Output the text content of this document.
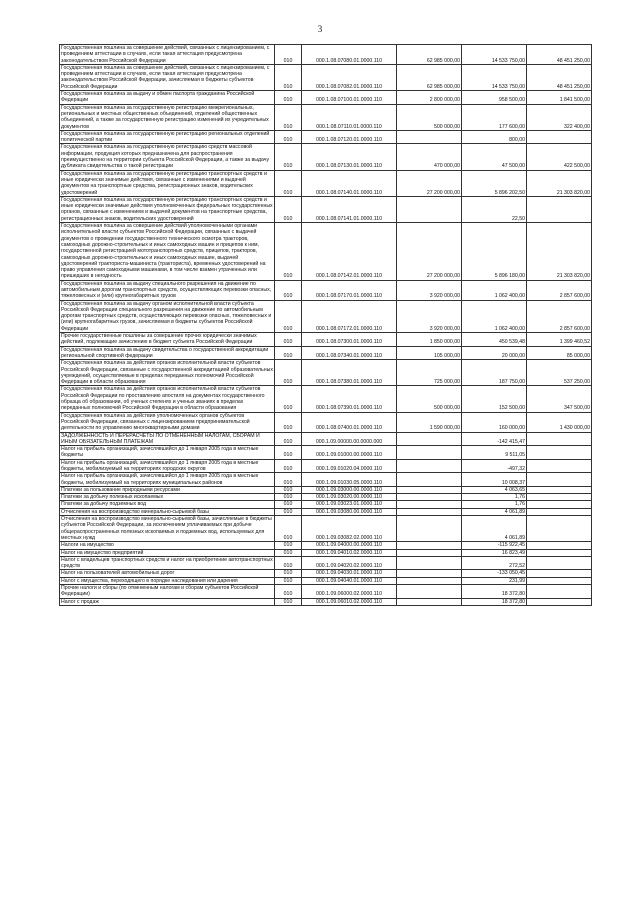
3
Государственная пошлина за совершение действий, связанных с лицензированием, с проведением аттестации в случаях, если такая аттестация предусмотрена законодательством Российской Федерации	010	000.1.08.07080.01.0000.110	62 985 000,00	14 533 750,00	48 451 250,00
Государственная пошлина за совершение действий, связанных с лицензированием, с проведением аттестации в случаях, если такая аттестация предусмотрена законодательством Российской Федерации, зачисляемая в бюджеты субъектов Российской Федерации	010	000.1.08.07082.01.0000.110	62 985 000,00	14 533 750,00	48 451 250,00
Государственная пошлина за выдачу и обмен паспорта гражданина Российской Федерации	010	000.1.08.07100.01.0000.110	2 800 000,00	958 500,00	1 841 500,00
Государственная пошлина за государственную регистрацию межрегиональных, региональных и местных общественных объединений, отделений общественных объединений, а также за государственную регистрацию изменений их учредительных документов	010	000.1.08.07110.01.0000.110	500 000,00	177 600,00	322 400,00
Государственная пошлина за государственную регистрацию региональных отделений политической партии	010	000.1.08.07120.01.0000.110		800,00	
Государственная пошлина за государственную регистрацию средств массовой информации, продукция которых предназначена для распространения преимущественно на территории субъекта Российской Федерации, а также за выдачу дубликата свидетельства о такой регистрации	010	000.1.08.07130.01.0000.110	470 000,00	47 500,00	422 500,00
Государственная пошлина за государственную регистрацию транспортных средств и иные юридически значимые действия, связанные с изменениями и выдачей документов на транспортные средства, регистрационных знаков, водительских удостоверений	010	000.1.08.07140.01.0000.110	27 200 000,00	5 896 202,50	21 303 820,00
Государственная пошлина за государственную регистрацию транспортных средств и иные юридически значимые действия уполномоченных федеральных государственных органов, связанные с изменением и выдачей документов на транспортные средства, регистрационных знаков, водительских удостоверений	010	000.1.08.07141.01.0000.110		22,50	
Государственная пошлина за совершение действий уполномоченными органами исполнительной власти субъектов Российской Федерации, связанных с выдачей документов о проведении государственного технического осмотра тракторов, самоходных дорожно-строительных и иных самоходных машин и прицепов к ним, государственной регистрацией мототранспортных средств, прицепов, тракторов, самоходных дорожно-строительных и иных самоходных машин, выдачей удостоверений тракториста-машиниста (тракториста), временных удостоверений на право управления самоходными машинами, в том числе взамен утраченных или пришедших в негодность	010	000.1.08.07142.01.0000.110	27 200 000,00	5 896 180,00	21 303 820,00
Государственная пошлина за выдачу специального разрешения на движение по автомобильным дорогам транспортных средств, осуществляющих перевозки опасных, тяжеловесных и (или) крупногабаритных грузов	010	000.1.08.07170.01.0000.110	3 920 000,00	1 062 400,00	2 857 600,00
Государственная пошлина за выдачу органом исполнительной власти субъекта Российской Федерации специального разрешения на движение по автомобильным дорогам транспортных средств, осуществляющих перевозки опасных, тяжеловесных и (или) крупногабаритных грузов, зачисляемая в бюджеты субъектов Российской Федерации	010	000.1.08.07172.01.0000.110	3 920 000,00	1 062 400,00	2 857 600,00
Прочие государственные пошлины за совершение прочих юридически значимых действий, подлежащие зачислению в бюджет субъекта Российской Федерации	010	000.1.08.07300.01.0000.110	1 850 000,00	450 539,48	1 399 460,52
Государственная пошлина за выдачу свидетельства о государственной аккредитации региональной спортивной федерации	010	000.1.08.07340.01.0000.110	105 000,00	20 000,00	85 000,00
Государственная пошлина за действия органов исполнительной власти субъектов Российской Федерации, связанные с государственной аккредитацией образовательных учреждений, осуществляемые в пределах переданных полномочий Российской Федерации в области образования	010	000.1.08.07380.01.0000.110	725 000,00	187 750,00	537 250,00
Государственная пошлина за действия органов исполнительной власти субъектов Российской Федерации по проставлению апостиля на документах государственного образца об образовании, об ученых степенях и ученых званиях в пределах переданных полномочий Российской Федерации в области образования	010	000.1.08.07390.01.0000.110	500 000,00	152 500,00	347 500,00
Государственная пошлина за действия уполномоченных органов субъектов Российской Федерации, связанных с лицензированием предпринимательской деятельности по управлению многоквартирными домами	010	000.1.08.07400.01.0000.110	1 590 000,00	160 000,00	1 430 000,00
ЗАДОЛЖЕННОСТЬ И ПЕРЕРАСЧЕТЫ ПО ОТМЕНЕННЫМ НАЛОГАМ, СБОРАМ И ИНЫМ ОБЯЗАТЕЛЬНЫМ ПЛАТЕЖАМ	010	000.1.09.00000.00.0000.000		-142 415,47	
Налог на прибыль организаций, зачислявшийся до 1 января 2005 года в местные бюджеты	010	000.1.09.01000.00.0000.110		9 511,05	
Налог на прибыль организаций, зачислявшийся до 1 января 2005 года в местные бюджеты, мобилизуемый на территориях городских округов	010	000.1.09.01020.04.0000.110		-497,32	
Налог на прибыль организаций, зачислявшийся до 1 января 2005 года в местные бюджеты, мобилизуемый на территориях муниципальных районов	010	000.1.09.01030.05.0000.110		10 008,37	
Платежи за пользование природными ресурсами	010	000.1.09.03000.00.0000.110		4 063,65	
Платежи за добычу полезных ископаемых	010	000.1.09.03020.00.0000.110		1,76	
Платежи за добычу подземных вод	010	000.1.09.03023.01.0000.110		1,76	
Отчисления на воспроизводство минерально-сырьевой базы	010	000.1.09.03080.00.0000.110		4 061,89	
Отчисления на воспроизводство минерально-сырьевой базы, зачисляемые в бюджеты субъектов Российской Федерации, за исключением уплачиваемых при добыче общераспространенных полезных ископаемых и подземных вод, используемых для местных нужд	010	000.1.09.03082.02.0000.110		4 061,89	
Налоги на имущество	010	000.1.09.04000.00.0000.110		-115 922,45	
Налог на имущество предприятий	010	000.1.09.04010.02.0000.110		16 823,49	
Налог с владельцев транспортных средств и налог на приобретение автотранспортных средств	010	000.1.09.04020.02.0000.110		272,52	
Налог на пользователей автомобильных дорог	010	000.1.09.04030.01.0000.110		-133 050,45	
Налог с имущества, переходящего в порядке наследования или дарения	010	000.1.09.04040.01.0000.110		231,99	
Прочие налоги и сборы (по отмененным налогам и сборам субъектов Российской Федерации)	010	000.1.09.06000.02.0000.110		18 372,80	
Налог с продаж	010	000.1.09.06010.02.0000.110		18 372,80	
